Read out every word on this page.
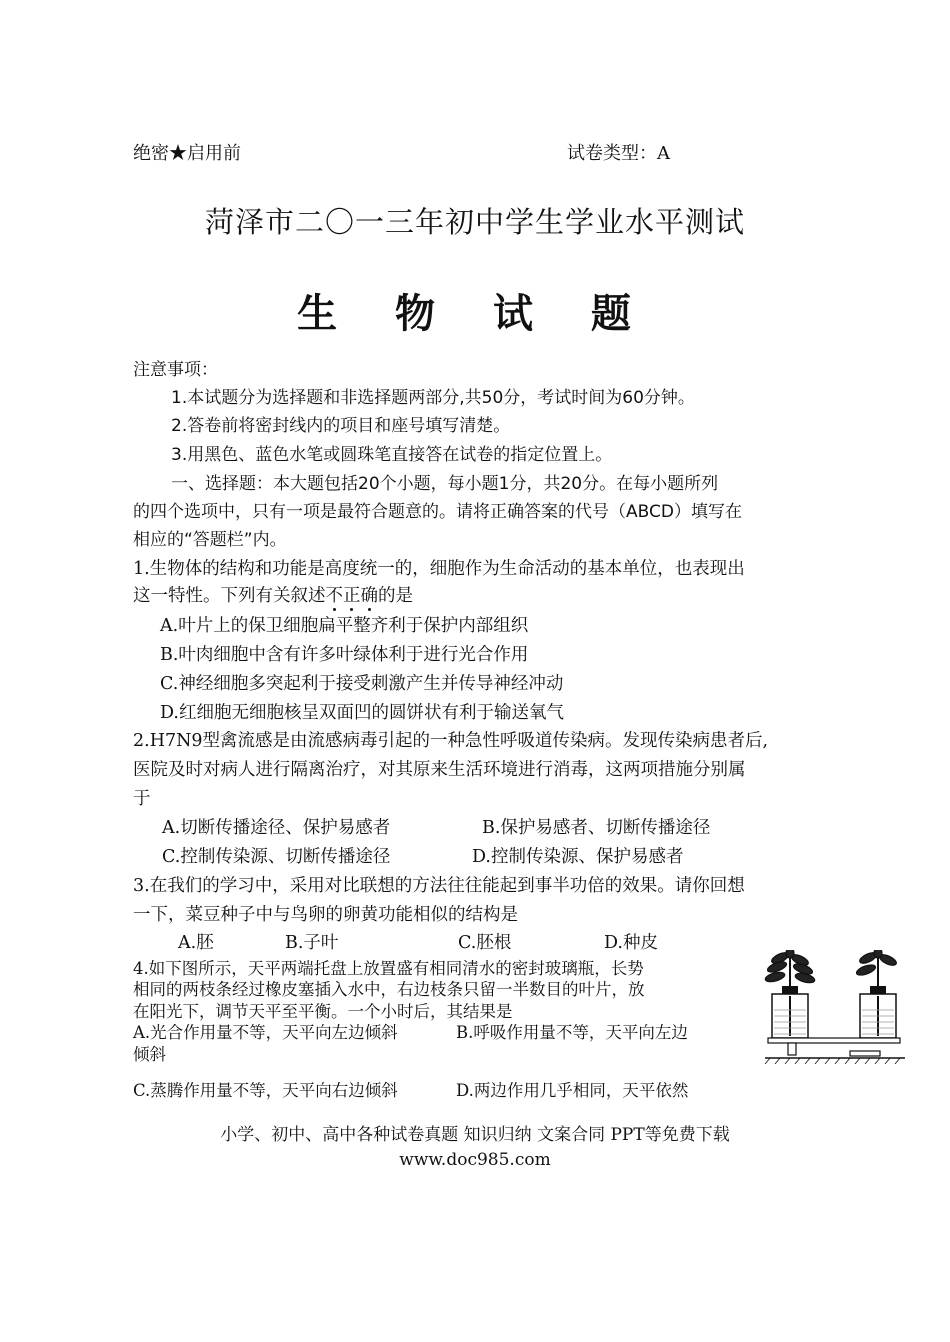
绝密★启用前	试卷类型：A
菏泽市二〇一三年初中学生学业水平测试
生 物 试 题
注意事项：
1.本试题分为选择题和非选择题两部分,共50分，考试时间为60分钟。
2.答卷前将密封线内的项目和座号填写清楚。
3.用黑色、蓝色水笔或圆珠笔直接答在试卷的指定位置上。
一、选择题：本大题包括20个小题，每小题1分，共20分。在每小题所列
的四个选项中，只有一项是最符合题意的。请将正确答案的代号（ABCD）填写在
相应的“答题栏”内。
1.生物体的结构和功能是高度统一的，细胞作为生命活动的基本单位，也表现出
这一特性。下列有关叙述不
正
确
的是
A.叶片上的保卫细胞扁平整齐利于保护内部组织
B.叶肉细胞中含有许多叶绿体利于进行光合作用
C.神经细胞多突起利于接受刺激产生并传导神经冲动
D.红细胞无细胞核呈双面凹的圆饼状有利于输送氧气
2.H7N9型禽流感是由流感病毒引起的一种急性呼吸道传染病。发现传染病患者后,
医院及时对病人进行隔离治疗，对其原来生活环境进行消毒，这两项措施分别属
于
A.切断传播途径、保护易感者	B.保护易感者、切断传播途径
C.控制传染源、切断传播途径	D.控制传染源、保护易感者
3.在我们的学习中，采用对比联想的方法往往能起到事半功倍的效果。请你回想
一下，菜豆种子中与鸟卵的卵黄功能相似的结构是
A.胚	B.子叶	C.胚根	D.种皮
4.如下图所示，天平两端托盘上放置盛有相同清水的密封玻璃瓶，长势
相同的两枝条经过橡皮塞插入水中，右边枝条只留一半数目的叶片，放
在阳光下，调节天平至平衡。一个小时后，其结果是
A.光合作用量不等，天平向左边倾斜	B.呼吸作用量不等，天平向左边
倾斜
C.蒸腾作用量不等，天平向右边倾斜	D.两边作用几乎相同，天平依然
小学、初中、高中各种试卷真题 知识归纳 文案合同 PPT等免费下载
www.doc985.com
